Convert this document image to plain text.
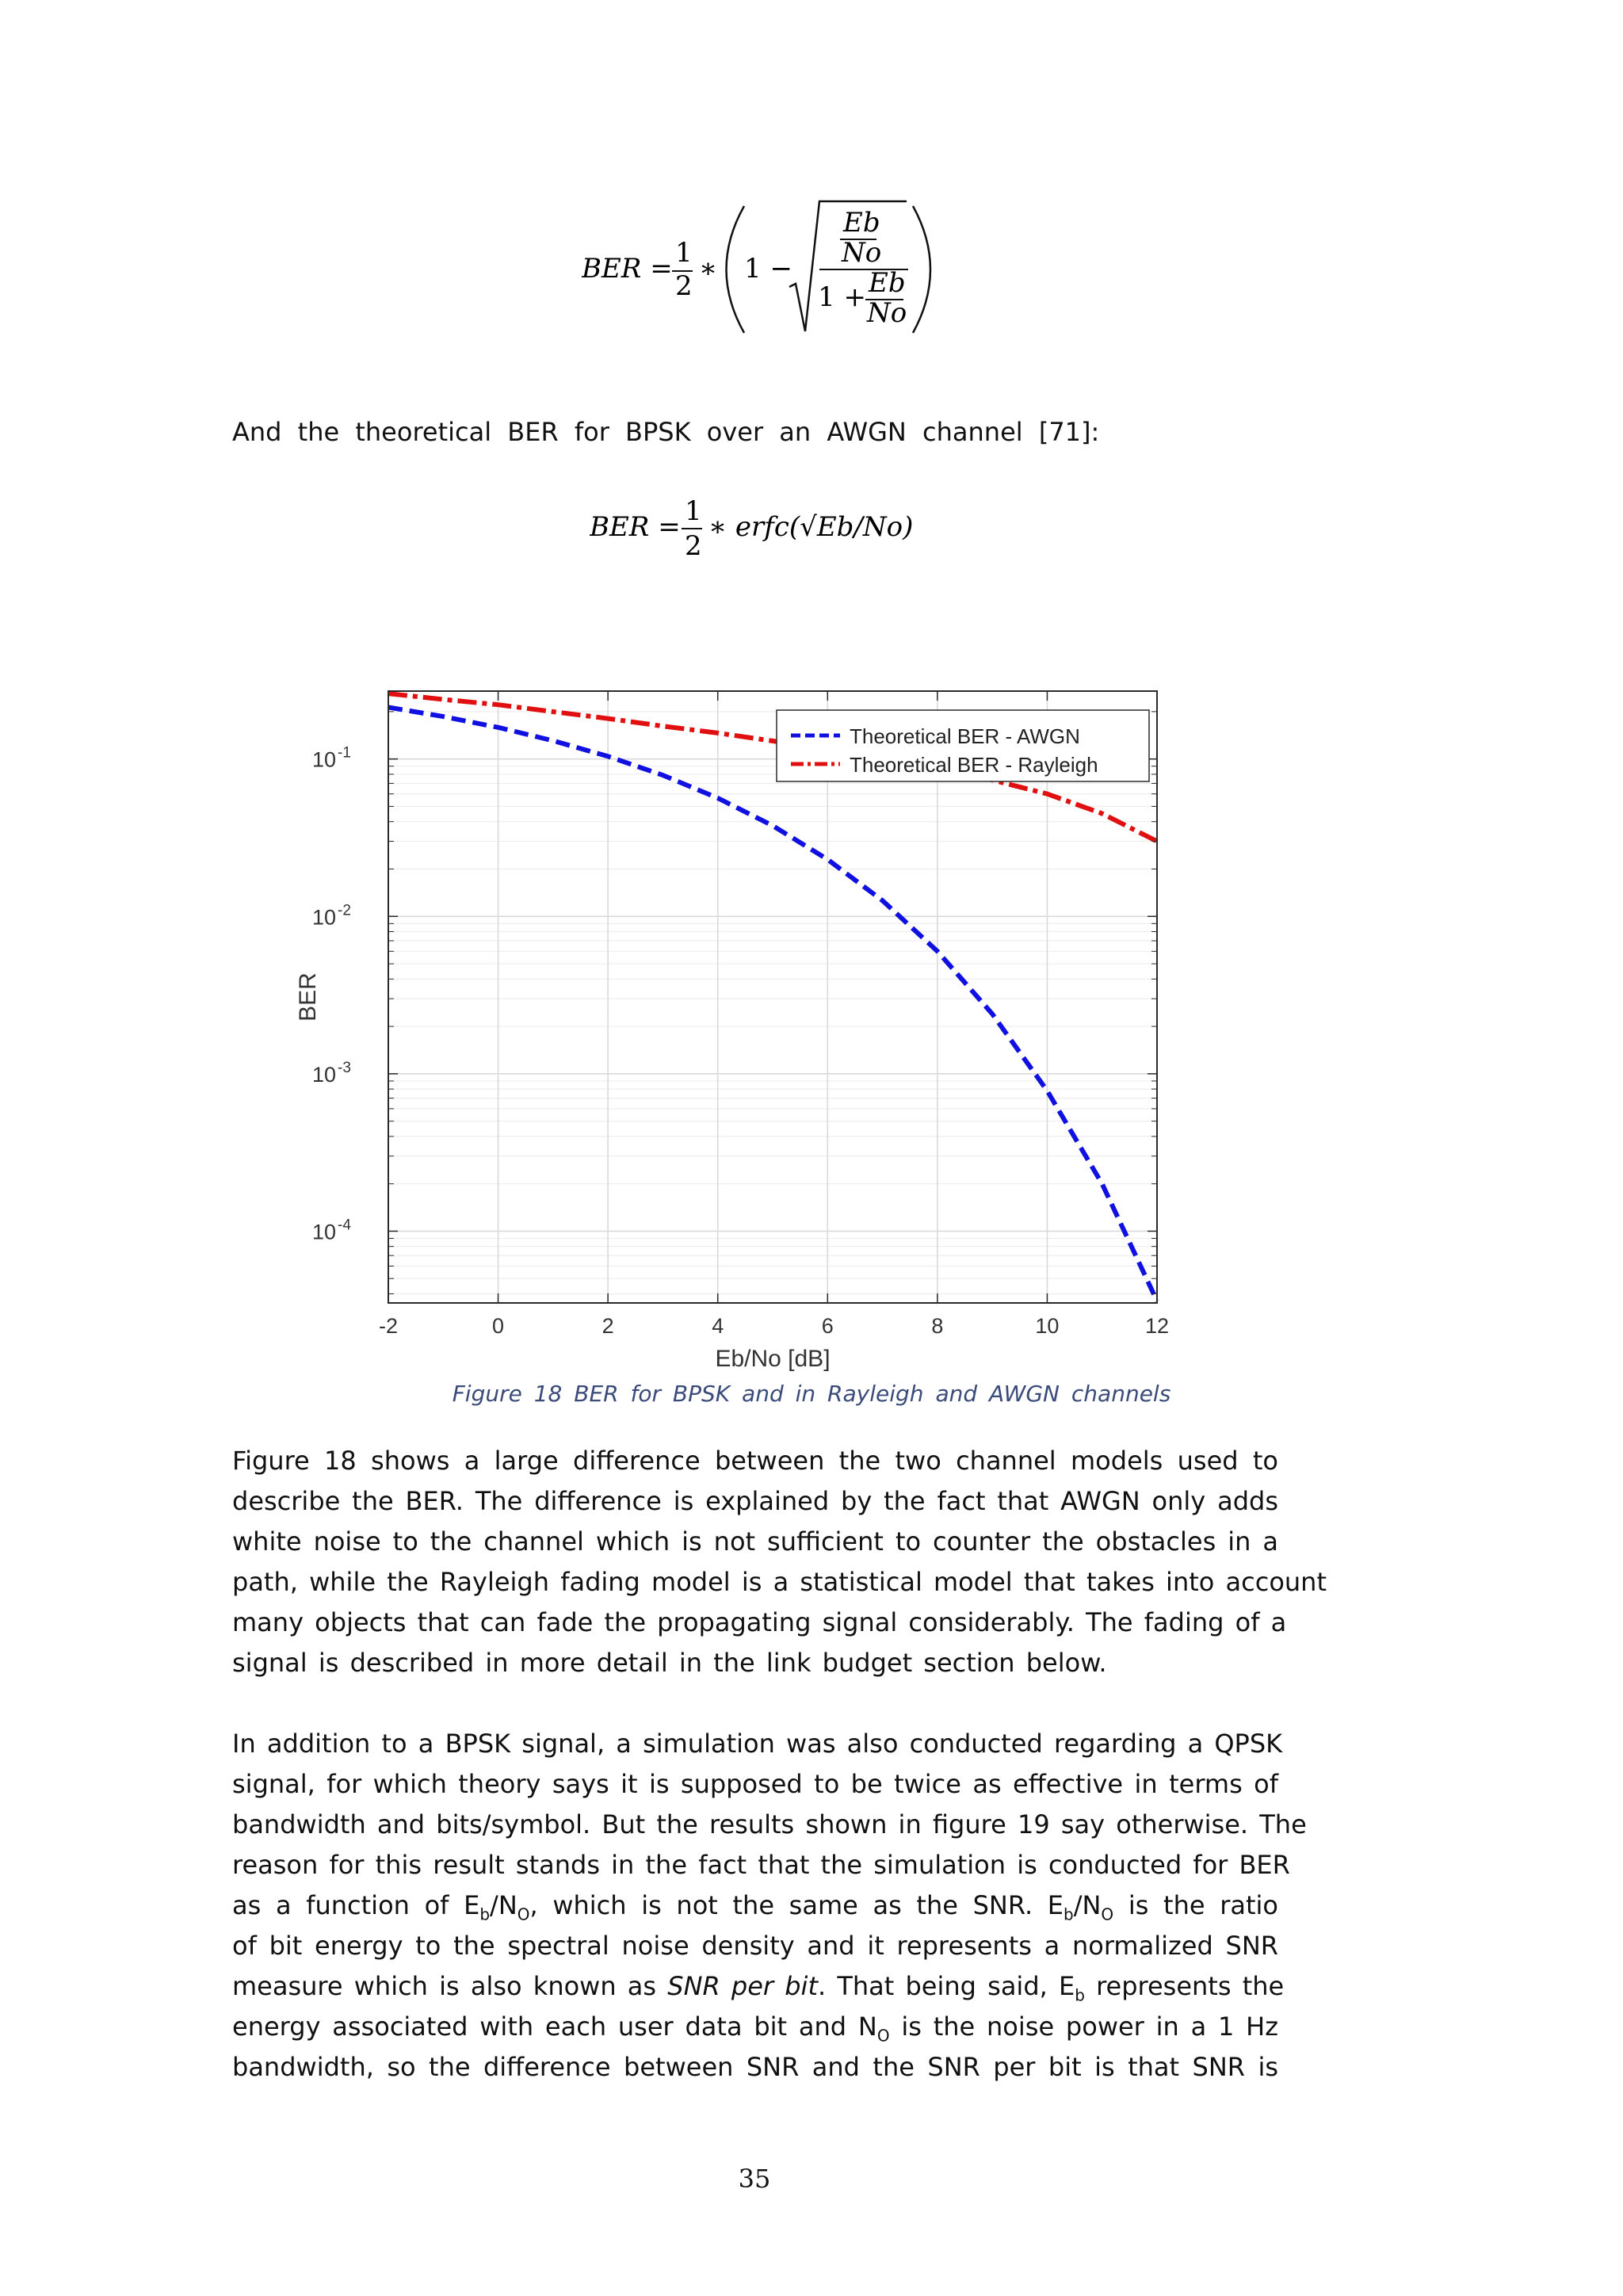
BER = 1
2
∗ 1 −
Eb
No
1 + Eb
No
And the theoretical BER for BPSK over an AWGN channel [71]:
BER = 1
2
∗ erfc(√Eb/No)
-2	0	2	4	6	8	10	12
10 -1
10 -2
10 -3
10 -4
Eb/No [dB]
BER
Theoretical BER - AWGN
Theoretical BER - Rayleigh
Figure 18 BER for BPSK and in Rayleigh and AWGN channels
Figure 18 shows a large difference between the two channel models used to
describe the BER. The difference is explained by the fact that AWGN only adds
white noise to the channel which is not sufficient to counter the obstacles in a
path, while the Rayleigh fading model is a statistical model that takes into account
many objects that can fade the propagating signal considerably. The fading of a
signal is described in more detail in the link budget section below.
In addition to a BPSK signal, a simulation was also conducted regarding a QPSK
signal, for which theory says it is supposed to be twice as effective in terms of
bandwidth and bits/symbol. But the results shown in figure 19 say otherwise. The
reason for this result stands in the fact that the simulation is conducted for BER
as a function of $E_b/N_O$, which is not the same as the SNR. $E_b/N_O$ is the ratio
of bit energy to the spectral noise density and it represents a normalized SNR
measure which is also known as SNR per bit. That being said, $E_b$ represents the
energy associated with each user data bit and $N_O$ is the noise power in a 1 Hz
bandwidth, so the difference between SNR and the SNR per bit is that SNR is
35
